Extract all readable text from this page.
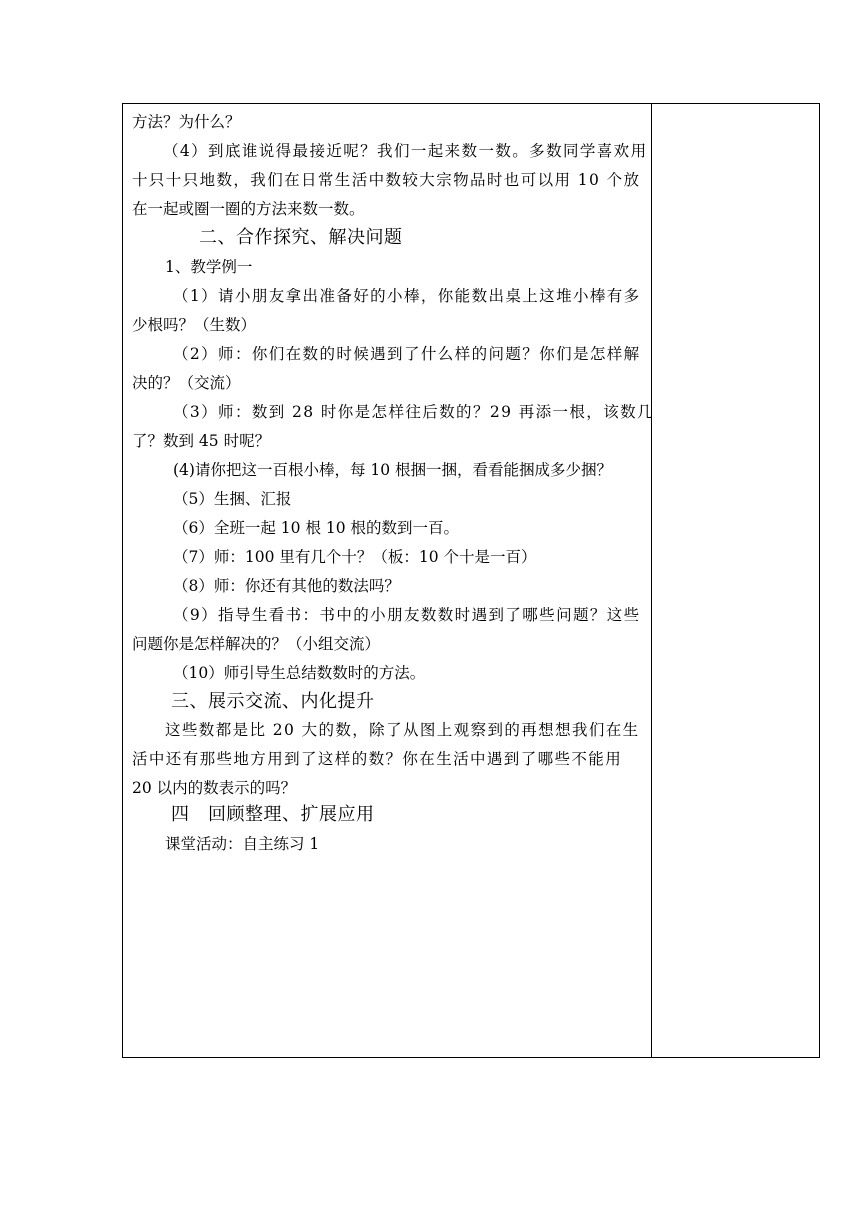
方法？为什么？
（4）到底谁说得最接近呢？我们一起来数一数。多数同学喜欢用
十只十只地数，我们在日常生活中数较大宗物品时也可以用 10 个放
在一起或圈一圈的方法来数一数。
二、合作探究、解决问题
1、教学例一
（1）请小朋友拿出准备好的小棒，你能数出桌上这堆小棒有多
少根吗？（生数）
（2）师：你们在数的时候遇到了什么样的问题？你们是怎样解
决的？（交流）
（3）师：数到 28 时你是怎样往后数的？29 再添一根，该数几
了？数到 45 时呢？
(4)请你把这一百根小棒，每 10 根捆一捆，看看能捆成多少捆？
（5）生捆、汇报
（6）全班一起 10 根 10 根的数到一百。
（7）师：100 里有几个十？（板：10 个十是一百）
（8）师：你还有其他的数法吗？
（9）指导生看书：书中的小朋友数数时遇到了哪些问题？这些
问题你是怎样解决的？（小组交流）
（10）师引导生总结数数时的方法。
三、展示交流、内化提升
这些数都是比 20 大的数，除了从图上观察到的再想想我们在生
活中还有那些地方用到了这样的数？你在生活中遇到了哪些不能用
20 以内的数表示的吗？
四　回顾整理、扩展应用
课堂活动：自主练习 1
